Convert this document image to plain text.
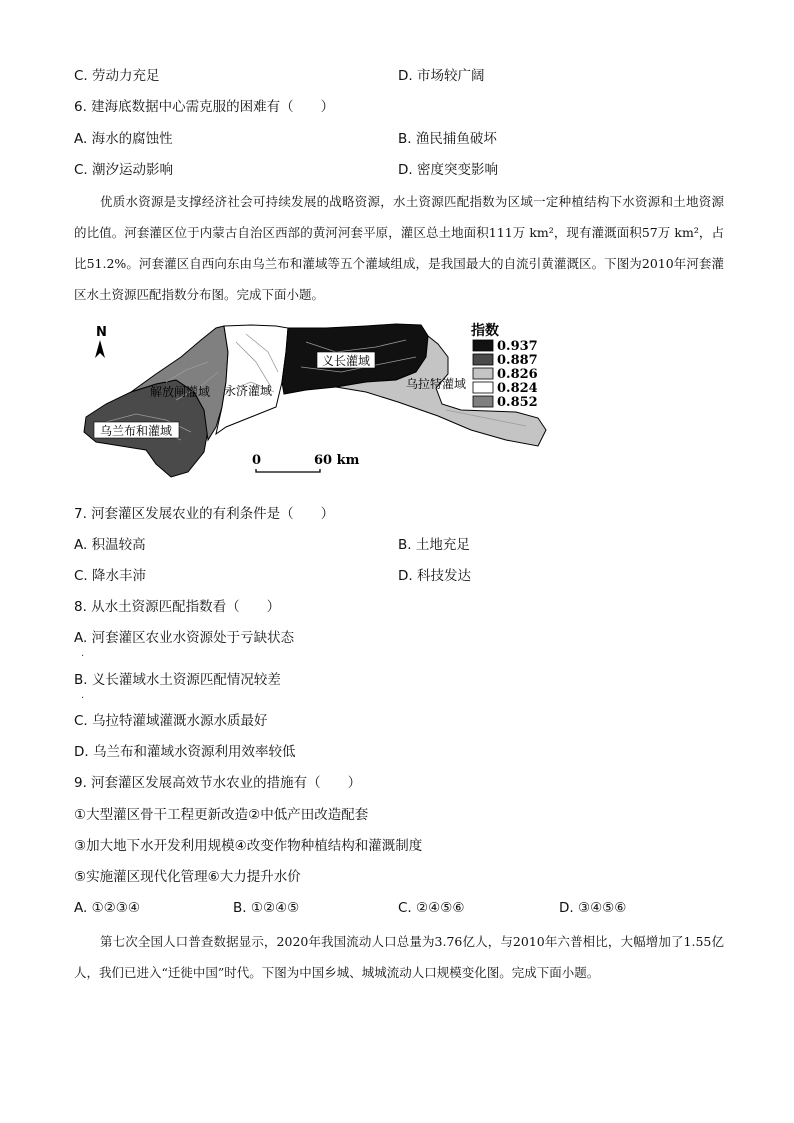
C. 劳动力充足	D. 市场较广阔
6. 建海底数据中心需克服的困难有（　　）
A. 海水的腐蚀性	B. 渔民捕鱼破坏
C. 潮汐运动影响	D. 密度突变影响
优质水资源是支撑经济社会可持续发展的战略资源，水土资源匹配指数为区域一定种植结构下水资源和土地资源的比值。河套灌区位于内蒙古自治区西部的黄河河套平原，灌区总土地面积111万 km²，现有灌溉面积57万 km²，占比51.2%。河套灌区自西向东由乌兰布和灌域等五个灌域组成，是我国最大的自流引黄灌溉区。下图为2010年河套灌区水土资源匹配指数分布图。完成下面小题。
义长灌域
乌拉特灌域
永济灌域
解放闸灌域
乌兰布和灌域
N
0	60 km
指数
0.937
0.887
0.826
0.824
0.852
7. 河套灌区发展农业的有利条件是（　　）
A. 积温较高	B. 土地充足
C. 降水丰沛	D. 科技发达
8. 从水土资源匹配指数看（　　）
A. 河套灌区农业水资源处于亏缺状态
.
B. 义长灌域水土资源匹配情况较差
.
C. 乌拉特灌域灌溉水源水质最好
D. 乌兰布和灌域水资源利用效率较低
9. 河套灌区发展高效节水农业的措施有（　　）
①大型灌区骨干工程更新改造②中低产田改造配套
③加大地下水开发利用规模④改变作物种植结构和灌溉制度
⑤实施灌区现代化管理⑥大力提升水价
A. ①②③④	B. ①②④⑤	C. ②④⑤⑥	D. ③④⑤⑥
第七次全国人口普查数据显示，2020年我国流动人口总量为3.76亿人，与2010年六普相比，大幅增加了1.55亿人，我们已进入“迁徙中国”时代。下图为中国乡城、城城流动人口规模变化图。完成下面小题。
